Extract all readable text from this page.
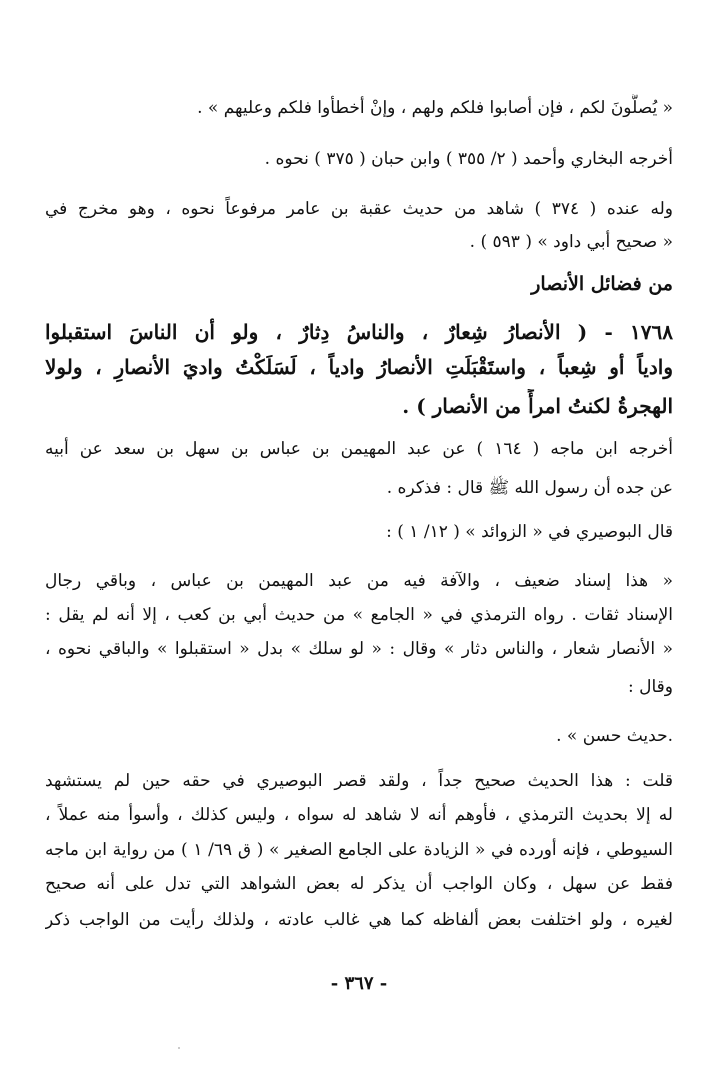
« يُصلُّونَ لكم ، فإن أصابوا فلكم ولهم ، وإنْ أخطأوا فلكم وعليهم » .

أخرجه البخاري وأحمد ( ٢/ ٣٥٥ ) وابن حبان ( ٣٧٥ ) نحوه .

وله عنده ( ٣٧٤ ) شاهد من حديث عقبة بن عامر مرفوعاً نحوه ، وهو مخرج في

« صحيح أبي داود » ( ٥٩٣ ) .

من فضائل الأنصار

١٧٦٨ - ( الأنصارُ شِعارٌ ، والناسُ دِثارٌ ، ولو أن الناسَ استقبلوا

وادياً أو شِعباً ، واستَقْبَلَتِ الأنصارُ وادياً ، لَسَلَكْتُ واديَ الأنصارِ ، ولولا

الهجرةُ لكنتُ امرأً من الأنصار ) .

أخرجه ابن ماجه ( ١٦٤ ) عن عبد المهيمن بن عباس بن سهل بن سعد عن أبيه

عن جده أن رسول الله ﷺ قال : فذكره .

قال البوصيري في « الزوائد » ( ١٢/ ١ ) :

« هذا إسناد ضعيف ، والآفة فيه من عبد المهيمن بن عباس ، وباقي رجال

الإسناد ثقات . رواه الترمذي في « الجامع » من حديث أبي بن كعب ، إلا أنه لم يقل :

« الأنصار شعار ، والناس دثار » وقال : « لو سلك » بدل « استقبلوا » والباقي نحوه ،

وقال :

.حديث حسن » .

قلت : هذا الحديث صحيح جداً ، ولقد قصر البوصيري في حقه حين لم يستشهد

له إلا بحديث الترمذي ، فأوهم أنه لا شاهد له سواه ، وليس كذلك ، وأسوأ منه عملاً ،

السيوطي ، فإنه أورده في « الزيادة على الجامع الصغير » ( ق ٦٩/ ١ ) من رواية ابن ماجه

فقط عن سهل ، وكان الواجب أن يذكر له بعض الشواهد التي تدل على أنه صحيح

لغيره ، ولو اختلفت بعض ألفاظه كما هي غالب عادته ، ولذلك رأيت من الواجب ذكر

- ٣٦٧ -
